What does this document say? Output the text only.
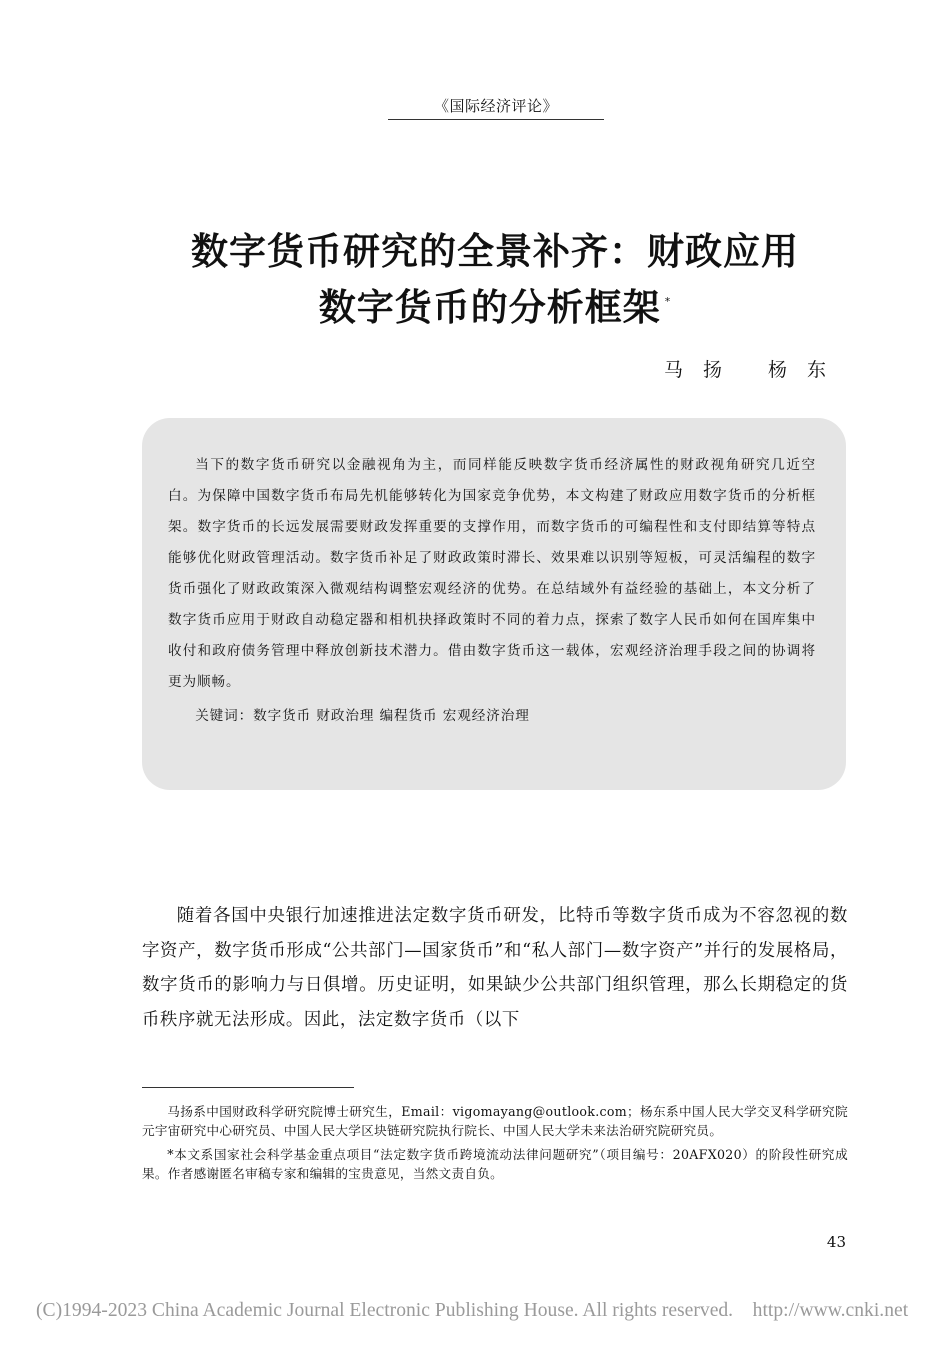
《国际经济评论》
数字货币研究的全景补齐：财政应用
数字货币的分析框架 *
马扬 杨东

当下的数字货币研究以金融视角为主，而同样能反映数字货币经济属性的财政视角研究几近空白。为保障中国数字货币布局先机能够转化为国家竞争优势，本文构建了财政应用数字货币的分析框架。数字货币的长远发展需要财政发挥重要的支撑作用，而数字货币的可编程性和支付即结算等特点能够优化财政管理活动。数字货币补足了财政政策时滞长、效果难以识别等短板，可灵活编程的数字货币强化了财政政策深入微观结构调整宏观经济的优势。在总结域外有益经验的基础上，本文分析了数字货币应用于财政自动稳定器和相机抉择政策时不同的着力点，探索了数字人民币如何在国库集中收付和政府债务管理中释放创新技术潜力。借由数字货币这一载体，宏观经济治理手段之间的协调将更为顺畅。

关键词：数字货币 财政治理 编程货币 宏观经济治理

随着各国中央银行加速推进法定数字货币研发，比特币等数字货币成为不容忽视的数字资产，数字货币形成“公共部门—国家货币”和“私人部门—数字资产”并行的发展格局，数字货币的影响力与日俱增。历史证明，如果缺少公共部门组织管理，那么长期稳定的货币秩序就无法形成。因此，法定数字货币（以下

马扬系中国财政科学研究院博士研究生，Email：vigomayang@outlook.com；杨东系中国人民大学交叉科学研究院元宇宙研究中心研究员、中国人民大学区块链研究院执行院长、中国人民大学未来法治研究院研究员。

*本文系国家社会科学基金重点项目“法定数字货币跨境流动法律问题研究”（项目编号：20AFX020）的阶段性研究成果。作者感谢匿名审稿专家和编辑的宝贵意见，当然文责自负。

43
(C)1994-2023 China Academic Journal Electronic Publishing House. All rights reserved.    http://www.cnki.net
